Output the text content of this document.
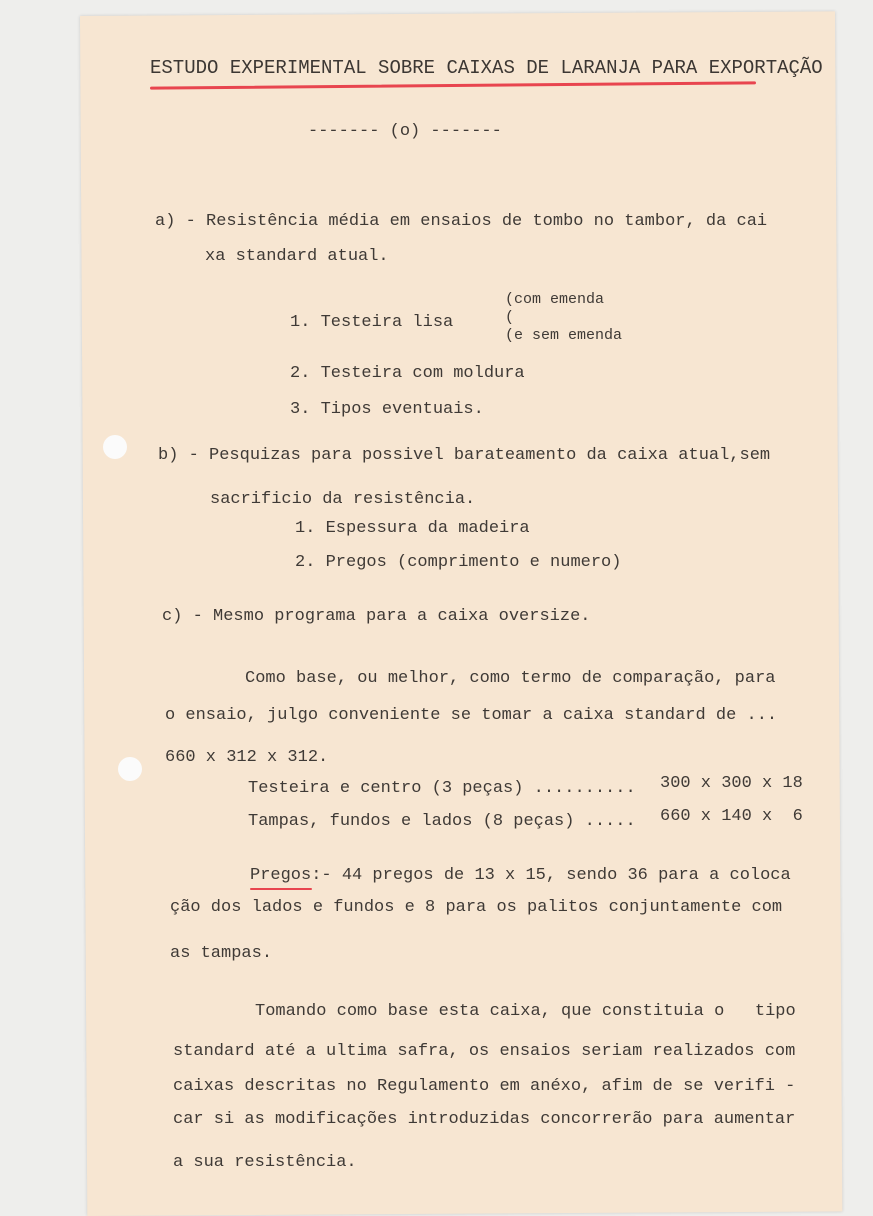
ESTUDO EXPERIMENTAL SOBRE CAIXAS DE LARANJA PARA EXPORTAÇÃO
------- (o) -------
a) - Resistência média em ensaios de tombo no tambor, da cai
xa standard atual.
1. Testeira lisa
(com emenda
(
(e sem emenda
2. Testeira com moldura
3. Tipos eventuais.
b) - Pesquizas para possivel barateamento da caixa atual,sem
sacrificio da resistência.
1. Espessura da madeira
2. Pregos (comprimento e numero)
c) - Mesmo programa para a caixa oversize.
Como base, ou melhor, como termo de comparação, para
o ensaio, julgo conveniente se tomar a caixa standard de ...
660 x 312 x 312.
Testeira e centro (3 peças) .......... 300 x 300 x 18
Tampas, fundos e lados (8 peças) ..... 660 x 140 x  6
Pregos:- 44 pregos de 13 x 15, sendo 36 para a coloca
ção dos lados e fundos e 8 para os palitos conjuntamente com
as tampas.
Tomando como base esta caixa, que constituia o   tipo
standard até a ultima safra, os ensaios seriam realizados com
caixas descritas no Regulamento em anéxo, afim de se verifi -
car si as modificações introduzidas concorrerão para aumentar
a sua resistência.
